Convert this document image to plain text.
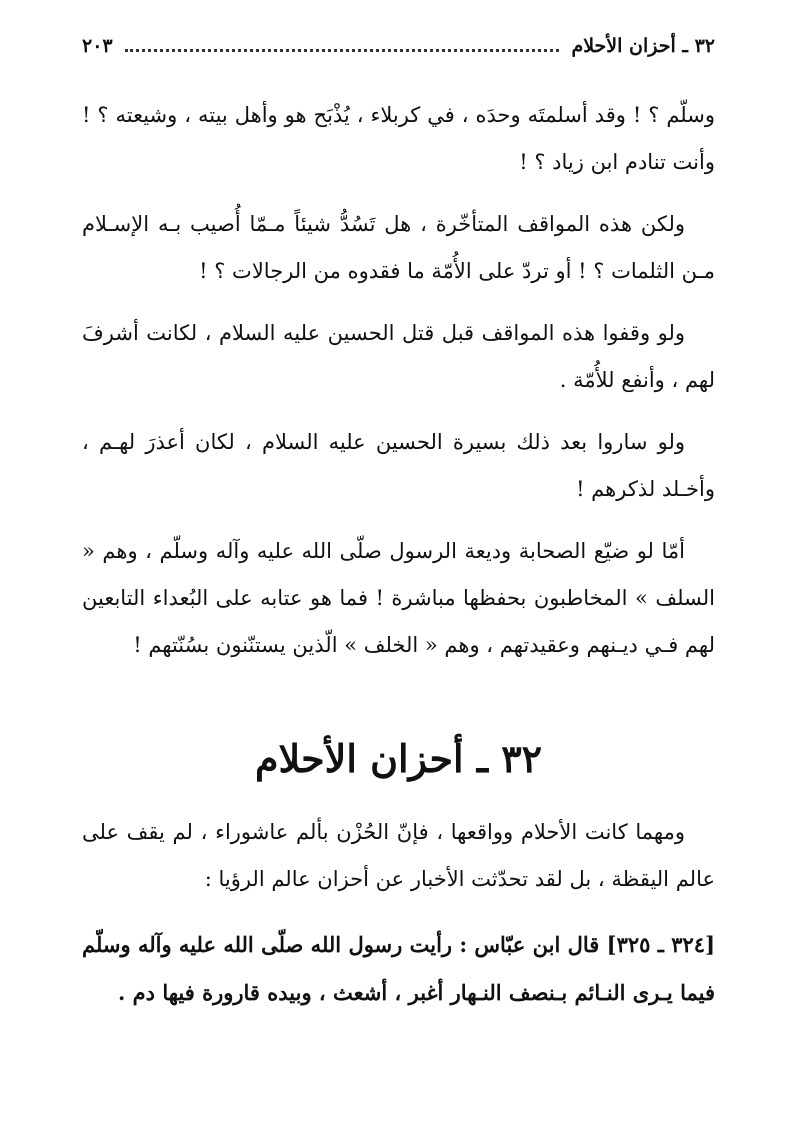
٣٢ ـ أحزان الأحلام
٢٠٣

وسلّم ؟ ! وقد أسلمتَه وحدَه ، في كربلاء ، يُذْبَح هو وأهل بيته ، وشيعته ؟ ! وأنت تنادم ابن زياد ؟ !

ولكن هذه المواقف المتأخّرة ، هل تَسُدُّ شيئاً مـمّا أُصيب بـه الإسـلام مـن الثلمات ؟ ! أو تردّ على الأُمّة ما فقدوه من الرجالات ؟ !

ولو وقفوا هذه المواقف قبل قتل الحسين عليه السلام ، لكانت أشرفَ لهم ، وأنفع للأُمّة .

ولو ساروا بعد ذلك بسيرة الحسين عليه السلام ، لكان أعذرَ لهـم ، وأخـلد لذكرهم !

أمّا لو ضيّع الصحابة وديعة الرسول صلّى الله عليه وآله وسلّم ، وهم « السلف » المخاطبون بحفظها مباشرة ! فما هو عتابه على البُعداء التابعين لهم فـي ديـنهم وعقيدتهم ، وهم « الخلف » الّذين يستنّنون بسُنّتهم !

٣٢ ـ أحزان الأحلام

ومهما كانت الأحلام وواقعها ، فإنّ الحُزْن بألم عاشوراء ، لم يقف على عالم اليقظة ، بل لقد تحدّثت الأخبار عن أحزان عالم الرؤيا :

[٣٢٤ ـ ٣٢٥] قال ابن عبّاس : رأيت رسول الله صلّى الله عليه وآله وسلّم فيما يـرى النـائم بـنصف النـهار أغبر ، أشعث ، وبيده قارورة فيها دم .
